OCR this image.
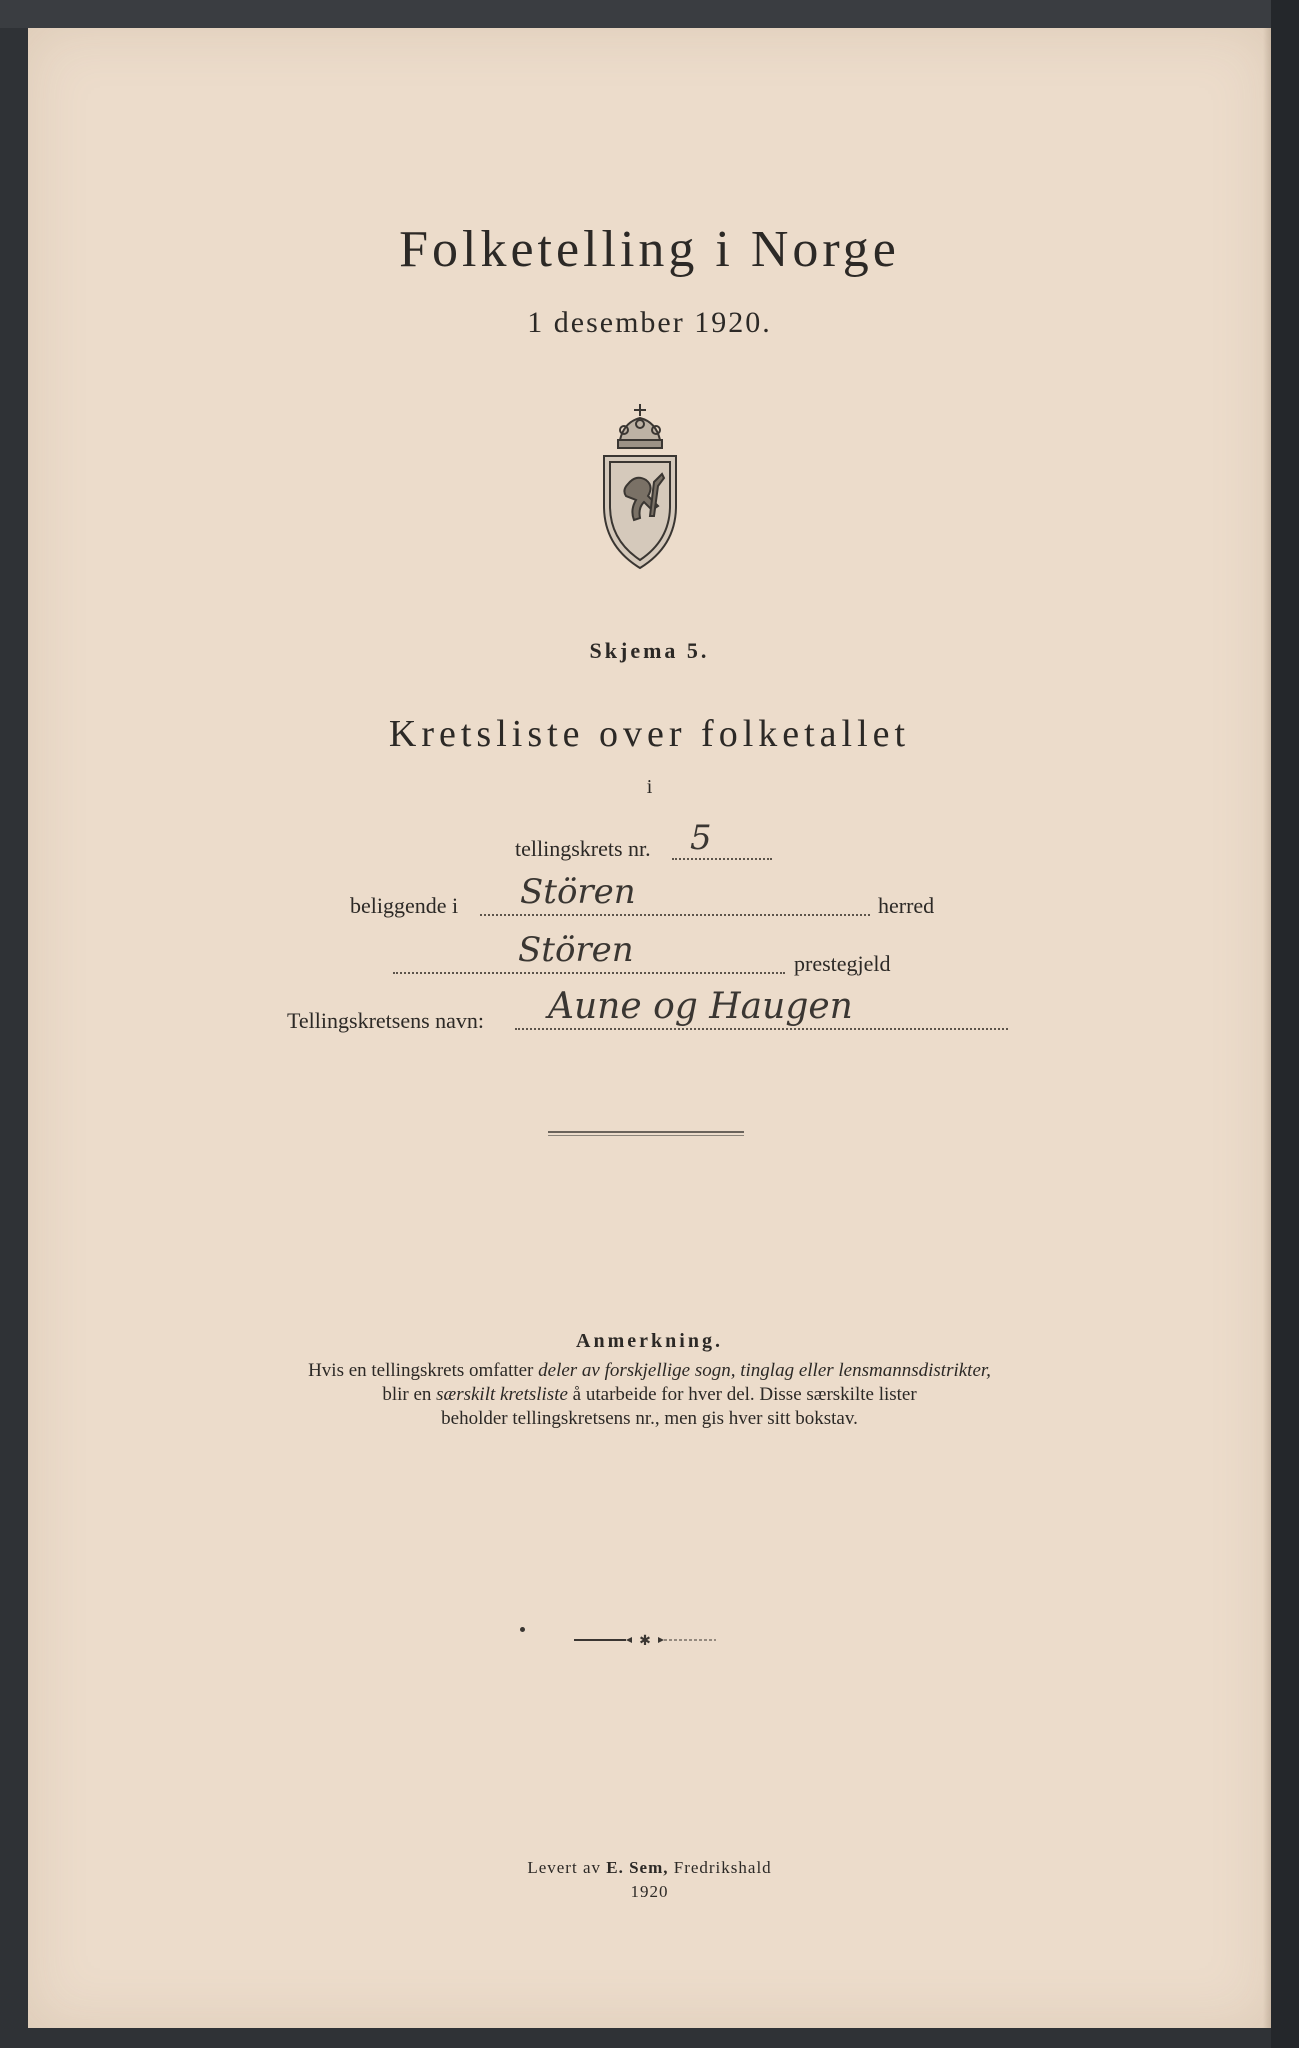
Folketelling i Norge
1 desember 1920.
Skjema 5.
Kretsliste over folketallet
i
tellingskrets nr. 5
beliggende i Stören	herred
Stören	prestegjeld
Tellingskretsens navn: Aune og Haugen
Anmerkning.
Hvis en tellingskrets omfatter deler av forskjellige sogn, tinglag eller lensmannsdistrikter,
blir en særskilt kretsliste å utarbeide for hver del. Disse særskilte lister
beholder tellingskretsens nr., men gis hver sitt bokstav.
✱
Levert av E. Sem, Fredrikshald
1920
